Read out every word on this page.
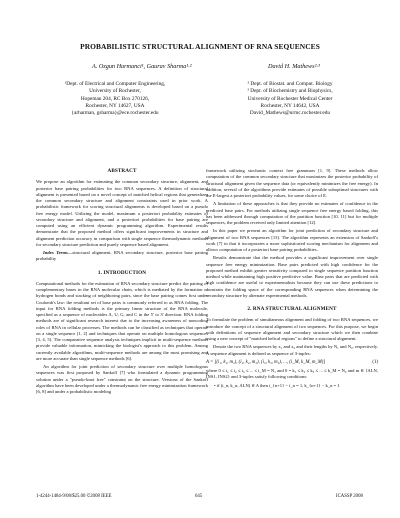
PROBABILISTIC STRUCTURAL ALIGNMENT OF RNA SEQUENCES
A. Ozgun Harmanci¹, Gaurav Sharma¹·²	David H. Mathews²·³
¹Dept. of Electrical and Computer Engineering,
University of Rochester,
Hopeman 204, RC Box 270126,
Rochester, NY 14627, USA
{arharman, gsharma}@ece.rochester.edu
² Dept. of Biostat. and Comput. Biology
³ Dept. of Biochemistry and Biophysics,
University of Rochester Medical Center
Rochester, NY 14642, USA
David_Mathews@urmc.rochester.edu
ABSTRACT

We propose an algorithm for estimating the common secondary structure, alignment, and posterior base pairing probabilities for two RNA sequences. A definition of structural alignment is presented based on a novel concept of matched helical regions that generalizes the common secondary structure and alignment constraints used in prior work. A probabilistic framework for scoring structural alignments is developed based on a pseudo free energy model. Utilizing the model, maximum a posteriori probability estimates of secondary structure and alignment, and a posteriori probabilities for base pairing are computed using an efficient dynamic programming algorithm. Experimental results demonstrate that the proposed method offers significant improvements in structure and alignment prediction accuracy in comparison with single sequence thermodynamic methods for secondary structure prediction and purely sequence based alignment.

Index Terms—structural alignment, RNA secondary structure, posterior base pairing probability

1. INTRODUCTION

Computational methods for the estimation of RNA secondary structure predict the pairing of complementary bases in the RNA molecular chain, which is mediated by the formation of hydrogen bonds and stacking of neighboring pairs, since the base pairing comes first under Coulomb's law: the resultant set of base pairs is commonly referred to as RNA folding. The input for RNA folding methods is the primary linear structure of the RNA molecule, specified as a sequence of nucleotides A, U, G, and C in the 5' to 3' direction. RNA folding methods are of significant research interest due to the increasing awareness of noncoding roles of RNA in cellular processes. The methods can be classified as techniques that operate on a single sequence [1, 2] and techniques that operate on multiple homologous sequences [3, 4, 5]. The comparative sequence analysis techniques implicit in multi-sequence methods provide valuable information, mimicking the biologist's approach to this problem. Among currently available algorithms, multi-sequence methods are among the most promising and are more accurate than single sequence methods [6].

An algorithm for joint prediction of secondary structure over multiple homologous sequences was first proposed by Sankoff [7] who formulated a dynamic programming solution under a "pseudo-knot free" constraint on the structure. Versions of the Sankoff algorithm have been developed under a thermodynamic free energy minimization framework [6, 8] and under a probabilistic modeling

framework utilizing stochastic context free grammars [1, 9]. These methods allow computation of the common secondary structure that maximizes the posterior probability of structural alignment given the sequence data (or equivalently minimizes the free energy). In addition, several of the algorithms provide estimates of possible suboptimal structures with the E-largest a posteriori probability values, for some choice of E.

A limitation of these approaches is that they provide no estimates of confidence in the predicted base pairs. For methods utilizing single sequence free energy based folding, this has been addressed through computation of the partition function [10, 11] but for multiple sequences, the problem received only limited attention [12].

In this paper we present an algorithm for joint prediction of secondary structure and alignment of two RNA sequences [13]. The algorithm represents an extension of Sankoff's work [7] in that it incorporates a more sophisticated scoring mechanism for alignment and allows computation of a posteriori base pairing probabilities.

Results demonstrate that the method provides a significant improvement over single sequence free energy minimization. Base pairs predicted with high confidence for the proposed method exhibit greater sensitivity compared to single sequence partition function method while maintaining high positive predictive value. Base pairs that are predicted with high confidence are useful to experimentalists because they can use these predictions to constrain the folding space of the corresponding RNA sequences when determining the secondary structure by alternate experimental methods.

2. RNA STRUCTURAL ALIGNMENT

To formulate the problem of simultaneous alignment and folding of two RNA sequences, we introduce the concept of a structural alignment of two sequences. For this purpose, we begin with definitions of sequence alignment and secondary structure which we then combine using a new concept of "matched helical regions" to define a structural alignment.

Denote the two RNA sequences by x₁ and x₂ and their lengths by N₁ and N₂, respectively. A sequence alignment is defined as sequence of 3-tuples:

A = [(i₁, k₁, m₁), (i₂, k₂, m₂), (i₃, k₃, m₃), ..., (i_M, k_M, m_M)]	(1)

where 0 ≤ i₁ ≤ i₂ ≤ i₃ ≤ ... ≤ i_M = N₁ and 0 = k₁ ≤ k₂ ≤ k₃ ≤ ... ≤ k_M = N₂ and m ∈ {ALN, INS1, INS2} and 3-tuples satisfy following conditions:

• if (i_n, k_n, ALN) ∈ A then i_{n+1} − i_n = 1, k_{n+1} − k_n = 1
1-4244-1484-9/08/$25.00 ©2008 IEEE	645	ICASSP 2008
